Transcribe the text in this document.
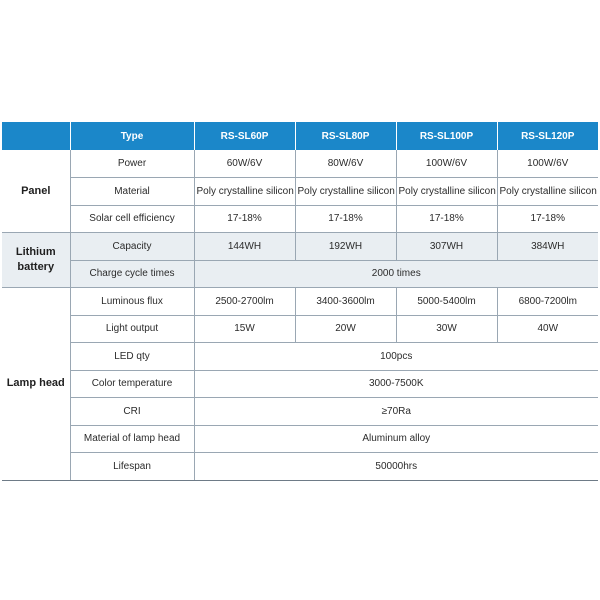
	Type	RS-SL60P	RS-SL80P	RS-SL100P	RS-SL120P
Panel	Power	60W/6V	80W/6V	100W/6V	100W/6V
	Material	Poly crystalline silicon	Poly crystalline silicon	Poly crystalline silicon	Poly crystalline silicon
	Solar cell efficiency	17-18%	17-18%	17-18%	17-18%
Lithium battery	Capacity	144WH	192WH	307WH	384WH
	Charge cycle times	2000 times			
Lamp head	Luminous flux	2500-2700lm	3400-3600lm	5000-5400lm	6800-7200lm
	Light output	15W	20W	30W	40W
	LED qty	100pcs			
	Color temperature	3000-7500K			
	CRI	≥70Ra			
	Material of lamp head	Aluminum alloy			
	Lifespan	50000hrs			
